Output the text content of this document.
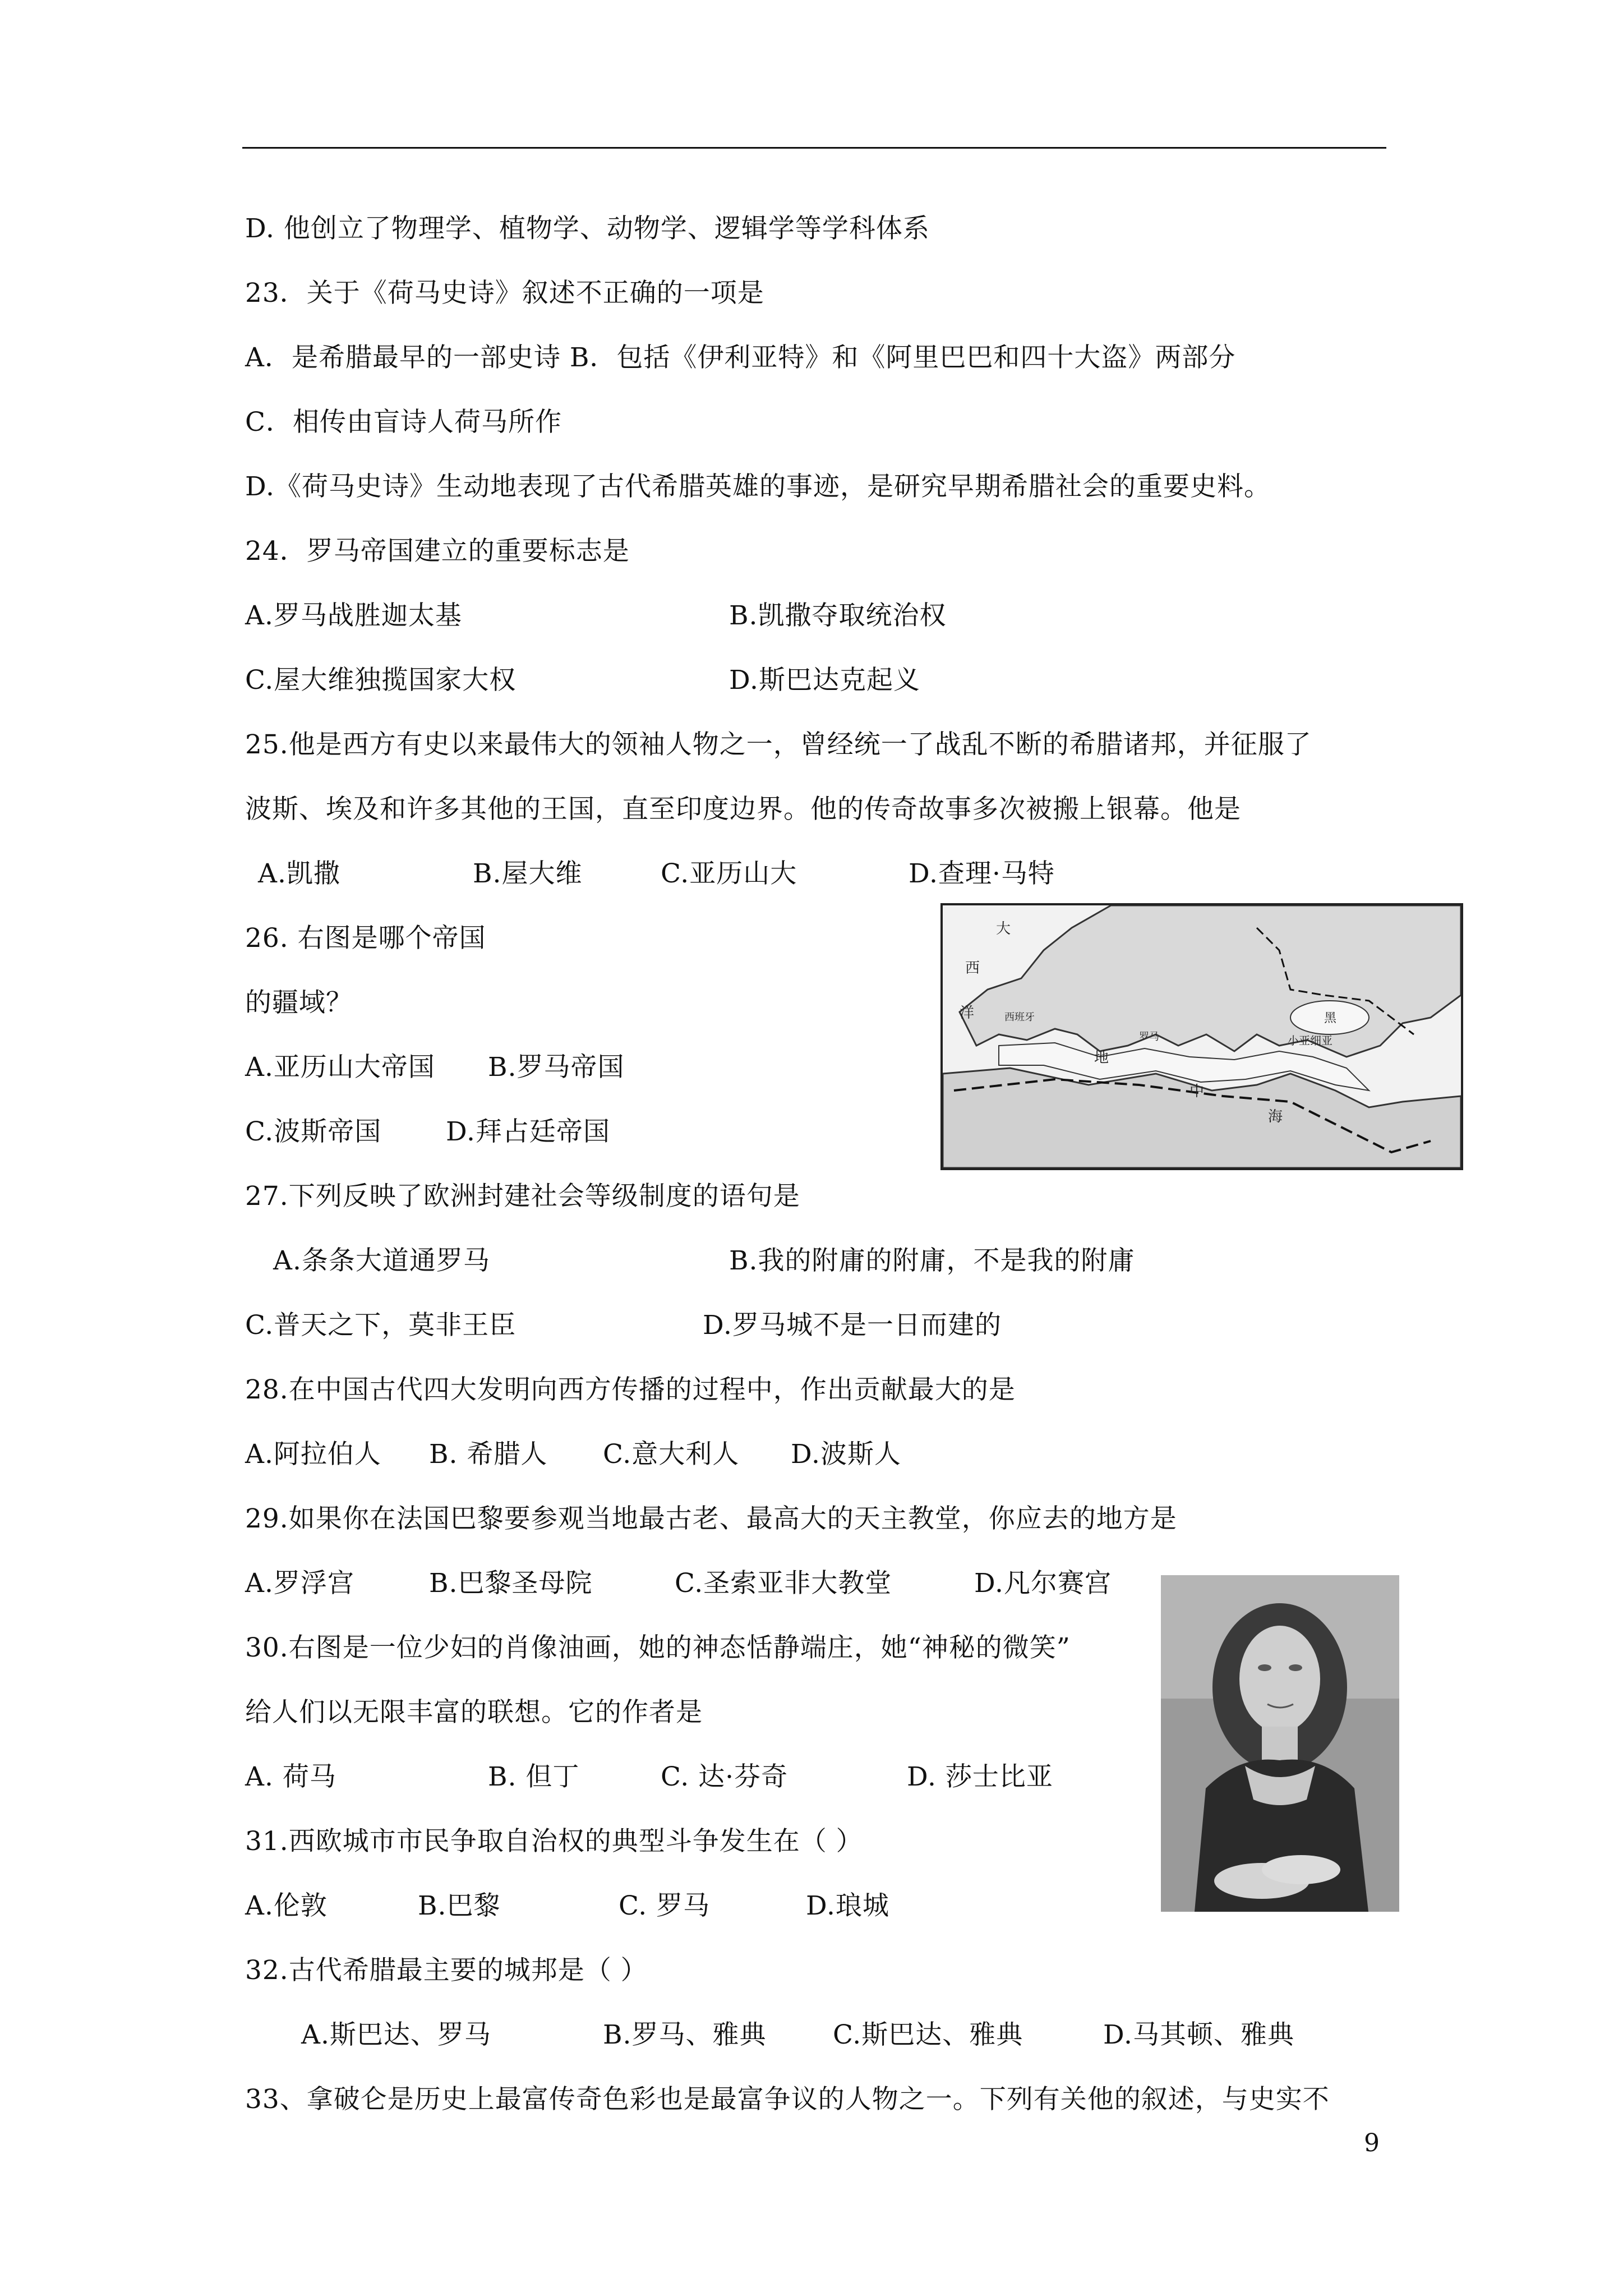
D. 他创立了物理学、植物学、动物学、逻辑学等学科体系
23．关于《荷马史诗》叙述不正确的一项是
A．是希腊最早的一部史诗 B．包括《伊利亚特》和《阿里巴巴和四十大盗》两部分
C．相传由盲诗人荷马所作
D.《荷马史诗》生动地表现了古代希腊英雄的事迹，是研究早期希腊社会的重要史料。
24．罗马帝国建立的重要标志是
A.罗马战胜迦太基	B.凯撒夺取统治权
C.屋大维独揽国家大权	D.斯巴达克起义
25.他是西方有史以来最伟大的领袖人物之一，曾经统一了战乱不断的希腊诸邦，并征服了
波斯、埃及和许多其他的王国，直至印度边界。他的传奇故事多次被搬上银幕。他是
A.凯撒	B.屋大维	C.亚历山大	D.查理·马特
26. 右图是哪个帝国
的疆域？
A.亚历山大帝国 B.罗马帝国
C.波斯帝国 D.拜占廷帝国
大
西
洋	西班牙
地
中
海
罗马	小亚细亚
黑
27.下列反映了欧洲封建社会等级制度的语句是
A.条条大道通罗马	B.我的附庸的附庸，不是我的附庸
C.普天之下，莫非王臣	D.罗马城不是一日而建的
28.在中国古代四大发明向西方传播的过程中，作出贡献最大的是
A.阿拉伯人 B. 希腊人 C.意大利人 D.波斯人
29.如果你在法国巴黎要参观当地最古老、最高大的天主教堂，你应去的地方是
A.罗浮宫	B.巴黎圣母院	C.圣索亚非大教堂	D.凡尔赛宫
30.右图是一位少妇的肖像油画，她的神态恬静端庄，她“神秘的微笑”
给人们以无限丰富的联想。它的作者是
A. 荷马	B. 但丁	C. 达·芬奇	D. 莎士比亚
31.西欧城市市民争取自治权的典型斗争发生在（ ）
A.伦敦	B.巴黎	C. 罗马	D.琅城
32.古代希腊最主要的城邦是（ ）
A.斯巴达、罗马	B.罗马、雅典	C.斯巴达、雅典	D.马其顿、雅典
33、拿破仑是历史上最富传奇色彩也是最富争议的人物之一。下列有关他的叙述，与史实不
9
